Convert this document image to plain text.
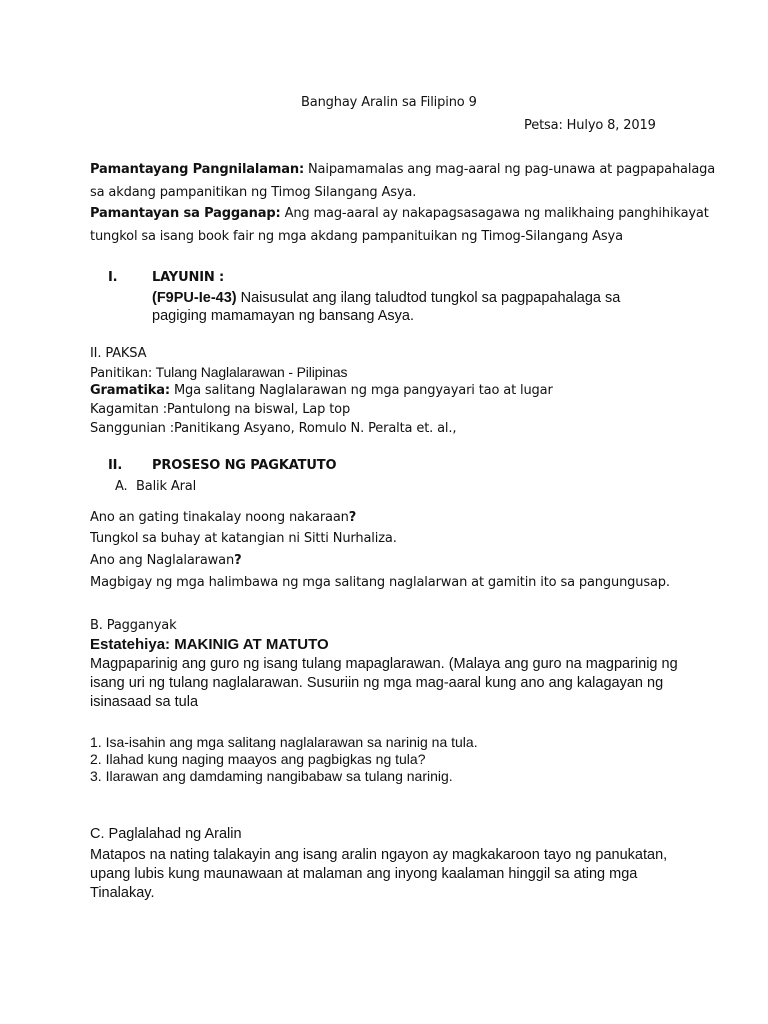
Banghay Aralin sa Filipino 9
Petsa: Hulyo 8, 2019
Pamantayang Pangnilalaman: Naipamamalas ang mag-aaral ng pag-unawa at pagpapahalaga
sa akdang pampanitikan ng Timog Silangang Asya.
Pamantayan sa Pagganap: Ang mag-aaral ay nakapagsasagawa ng malikhaing panghihikayat
tungkol sa isang book fair ng mga akdang pampanituikan ng Timog-Silangang Asya
I.	LAYUNIN :
(F9PU-Ie-43) Naisusulat ang ilang taludtod tungkol sa pagpapahalaga sa
pagiging mamamayan ng bansang Asya.
II. PAKSA
Panitikan: Tulang Naglalarawan - Pilipinas
Gramatika: Mga salitang Naglalarawan ng mga pangyayari tao at lugar
Kagamitan :Pantulong na biswal, Lap top
Sanggunian :Panitikang Asyano, Romulo N. Peralta et. al.,
II. PROSESO NG PAGKATUTO
A. Balik Aral
Ano an gating tinakalay noong nakaraan?
Tungkol sa buhay at katangian ni Sitti Nurhaliza.
Ano ang Naglalarawan?
Magbigay ng mga halimbawa ng mga salitang naglalarwan at gamitin ito sa pangungusap.
B. Pagganyak
Estatehiya: MAKINIG AT MATUTO
Magpaparinig ang guro ng isang tulang mapaglarawan. (Malaya ang guro na magparinig ng
isang uri ng tulang naglalarawan. Susuriin ng mga mag-aaral kung ano ang kalagayan ng
isinasaad sa tula
1. Isa-isahin ang mga salitang naglalarawan sa narinig na tula.
2. Ilahad kung naging maayos ang pagbigkas ng tula?
3. Ilarawan ang damdaming nangibabaw sa tulang narinig.
C. Paglalahad ng Aralin
Matapos na nating talakayin ang isang aralin ngayon ay magkakaroon tayo ng panukatan,
upang lubis kung maunawaan at malaman ang inyong kaalaman hinggil sa ating mga
Tinalakay.
